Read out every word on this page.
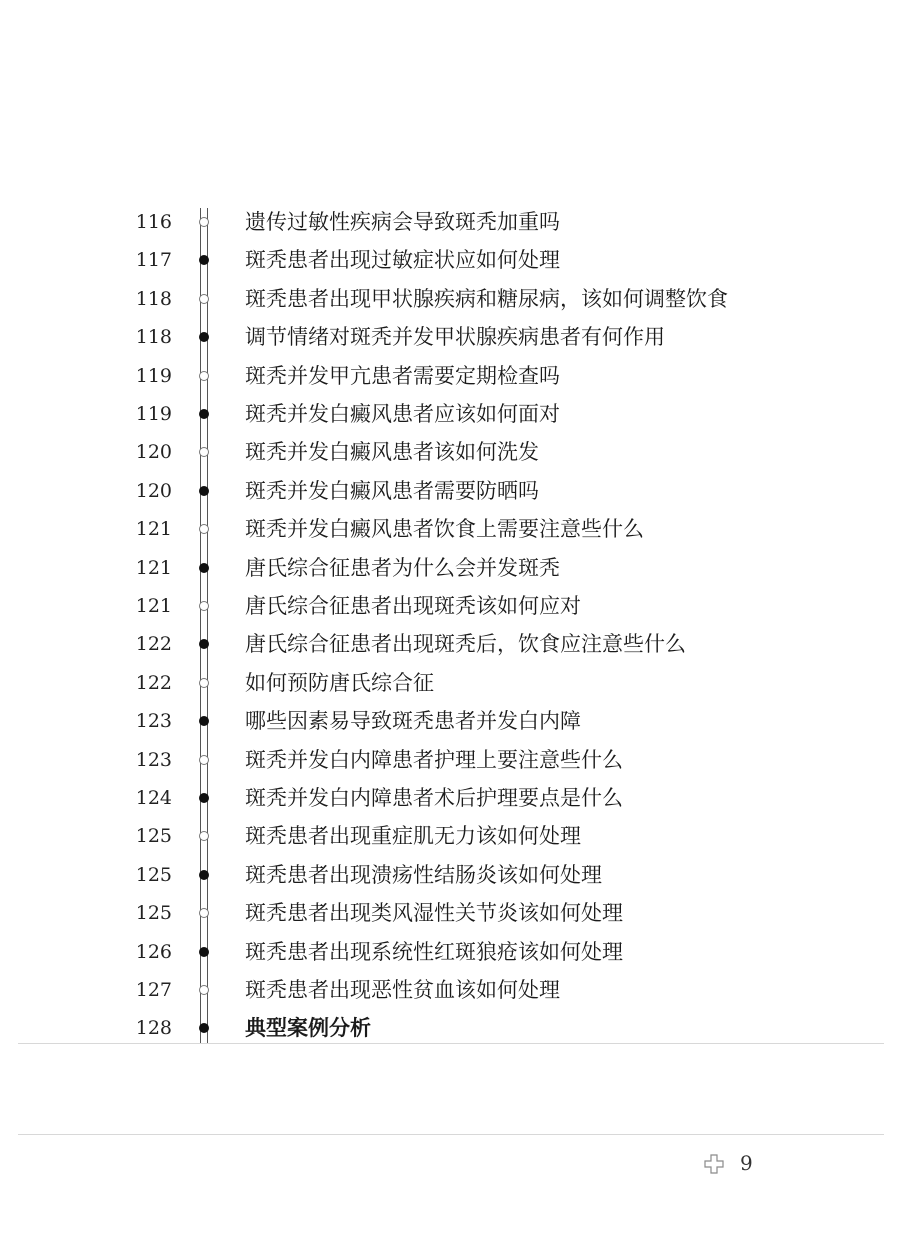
116	遗传过敏性疾病会导致斑秃加重吗
117	斑秃患者出现过敏症状应如何处理
118	斑秃患者出现甲状腺疾病和糖尿病，该如何调整饮食
118	调节情绪对斑秃并发甲状腺疾病患者有何作用
119	斑秃并发甲亢患者需要定期检查吗
119	斑秃并发白癜风患者应该如何面对
120	斑秃并发白癜风患者该如何洗发
120	斑秃并发白癜风患者需要防晒吗
121	斑秃并发白癜风患者饮食上需要注意些什么
121	唐氏综合征患者为什么会并发斑秃
121	唐氏综合征患者出现斑秃该如何应对
122	唐氏综合征患者出现斑秃后，饮食应注意些什么
122	如何预防唐氏综合征
123	哪些因素易导致斑秃患者并发白内障
123	斑秃并发白内障患者护理上要注意些什么
124	斑秃并发白内障患者术后护理要点是什么
125	斑秃患者出现重症肌无力该如何处理
125	斑秃患者出现溃疡性结肠炎该如何处理
125	斑秃患者出现类风湿性关节炎该如何处理
126	斑秃患者出现系统性红斑狼疮该如何处理
127	斑秃患者出现恶性贫血该如何处理
128	典型案例分析
9
